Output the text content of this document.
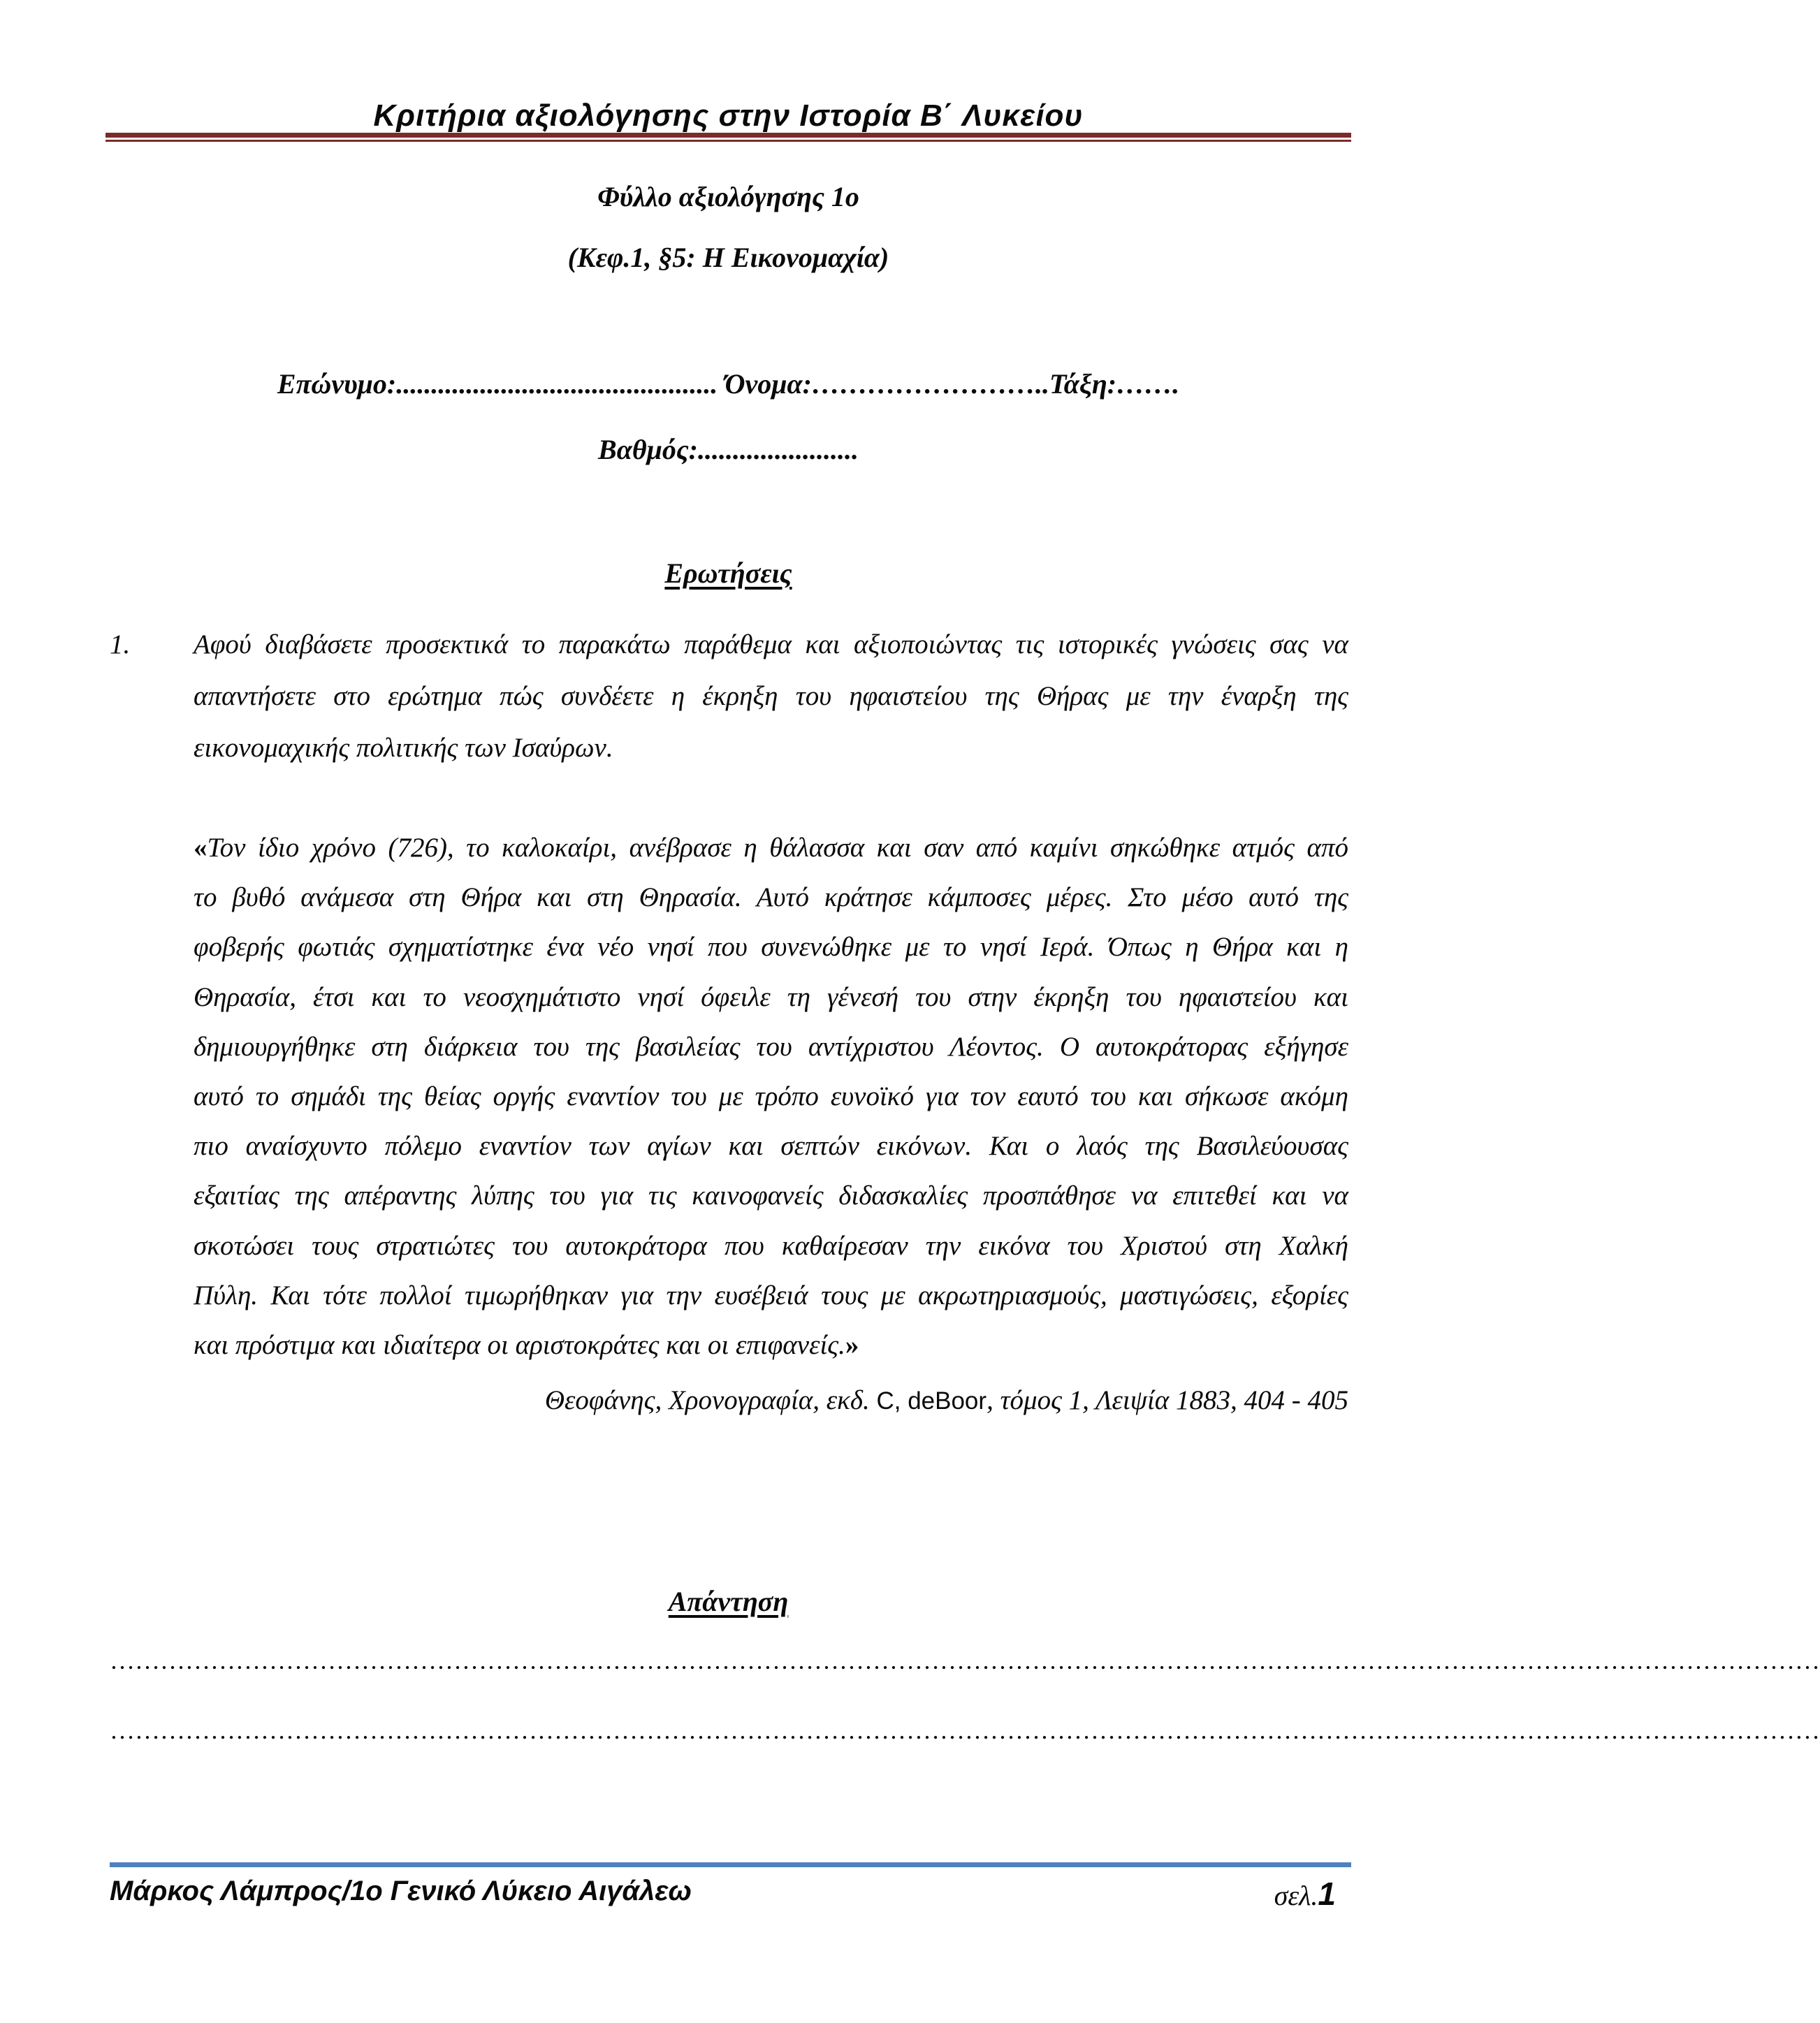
Κριτήρια αξιολόγησης στην Ιστορία Β΄ Λυκείου
Φύλλο αξιολόγησης 1ο
(Κεφ.1, §5: Η Εικονομαχία)
Επώνυμο:.............................................. Όνομα:……………………..Τάξη:…….
Βαθμός:.......................
Ερωτήσεις
1. Αφού διαβάσετε προσεκτικά το παρακάτω παράθεμα και αξιοποιώντας τις ιστορικές γνώσεις σας να
απαντήσετε στο ερώτημα πώς συνδέετε η έκρηξη του ηφαιστείου της Θήρας με την έναρξη της
εικονομαχικής πολιτικής των Ισαύρων.
«Τον ίδιο χρόνο (726), το καλοκαίρι, ανέβρασε η θάλασσα και σαν από καμίνι σηκώθηκε ατμός από
το βυθό ανάμεσα στη Θήρα και στη Θηρασία. Αυτό κράτησε κάμποσες μέρες. Στο μέσο αυτό της
φοβερής φωτιάς σχηματίστηκε ένα νέο νησί που συνενώθηκε με το νησί Ιερά. Όπως η Θήρα και η
Θηρασία, έτσι και το νεοσχημάτιστο νησί όφειλε τη γένεσή του στην έκρηξη του ηφαιστείου και
δημιουργήθηκε στη διάρκεια του της βασιλείας του αντίχριστου Λέοντος. Ο αυτοκράτορας εξήγησε
αυτό το σημάδι της θείας οργής εναντίον του με τρόπο ευνοϊκό για τον εαυτό του και σήκωσε ακόμη
πιο αναίσχυντο πόλεμο εναντίον των αγίων και σεπτών εικόνων. Και ο λαός της Βασιλεύουσας
εξαιτίας της απέραντης λύπης του για τις καινοφανείς διδασκαλίες προσπάθησε να επιτεθεί και να
σκοτώσει τους στρατιώτες του αυτοκράτορα που καθαίρεσαν την εικόνα του Χριστού στη Χαλκή
Πύλη. Και τότε πολλοί τιμωρήθηκαν για την ευσέβειά τους με ακρωτηριασμούς, μαστιγώσεις, εξορίες
και πρόστιμα και ιδιαίτερα οι αριστοκράτες και οι επιφανείς.»
Θεοφάνης, Χρονογραφία, εκδ. C, deBoor, τόμος 1, Λειψία 1883, 404 - 405
Απάντηση
……………………………………………………………………………………………………………………………………………………………………………………
……………………………………………………………………………………………………………………………………………………………………………………
Μάρκος Λάμπρος/1ο Γενικό Λύκειο Αιγάλεω	σελ.1
